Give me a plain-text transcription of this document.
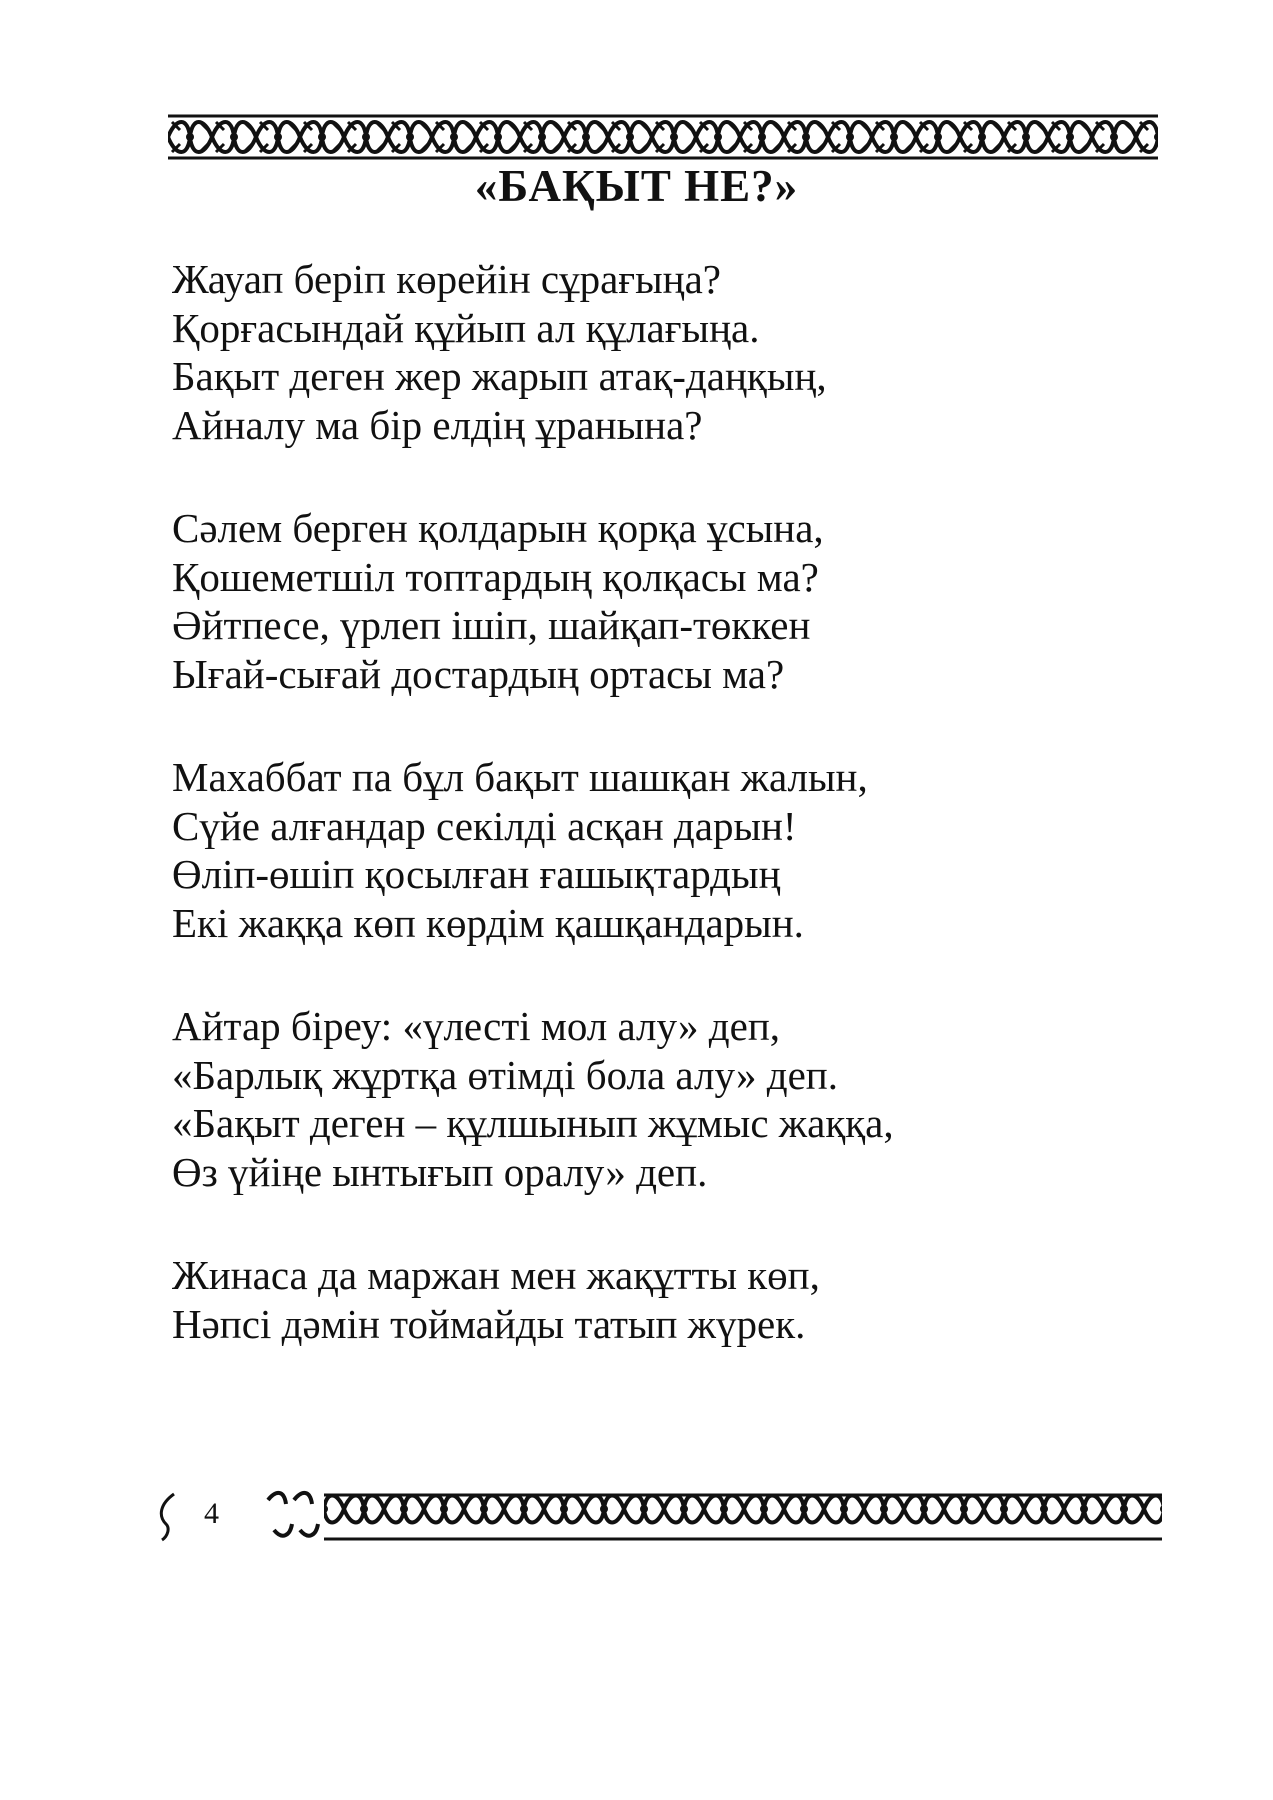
«БАҚЫТ НЕ?»
Жауап беріп көрейін сұрағыңа?
Қорғасындай құйып ал құлағыңа.
Бақыт деген жер жарып атақ-даңқың,
Айналу ма бір елдің ұранына?
Сәлем берген қолдарын қорқа ұсына,
Қошеметшіл топтардың қолқасы ма?
Әйтпесе, үрлеп ішіп, шайқап-төккен
Ығай-сығай достардың ортасы ма?
Махаббат па бұл бақыт шашқан жалын,
Сүйе алғандар секілді асқан дарын!
Өліп-өшіп қосылған ғашықтардың
Екі жаққа көп көрдім қашқандарын.
Айтар біреу: «үлесті мол алу» деп,
«Барлық жұртқа өтімді бола алу» деп.
«Бақыт деген – құлшынып жұмыс жаққа,
Өз үйіңе ынтығып оралу» деп.
Жинаса да маржан мен жақұтты көп,
Нәпсі дәмін тоймайды татып жүрек.
4
